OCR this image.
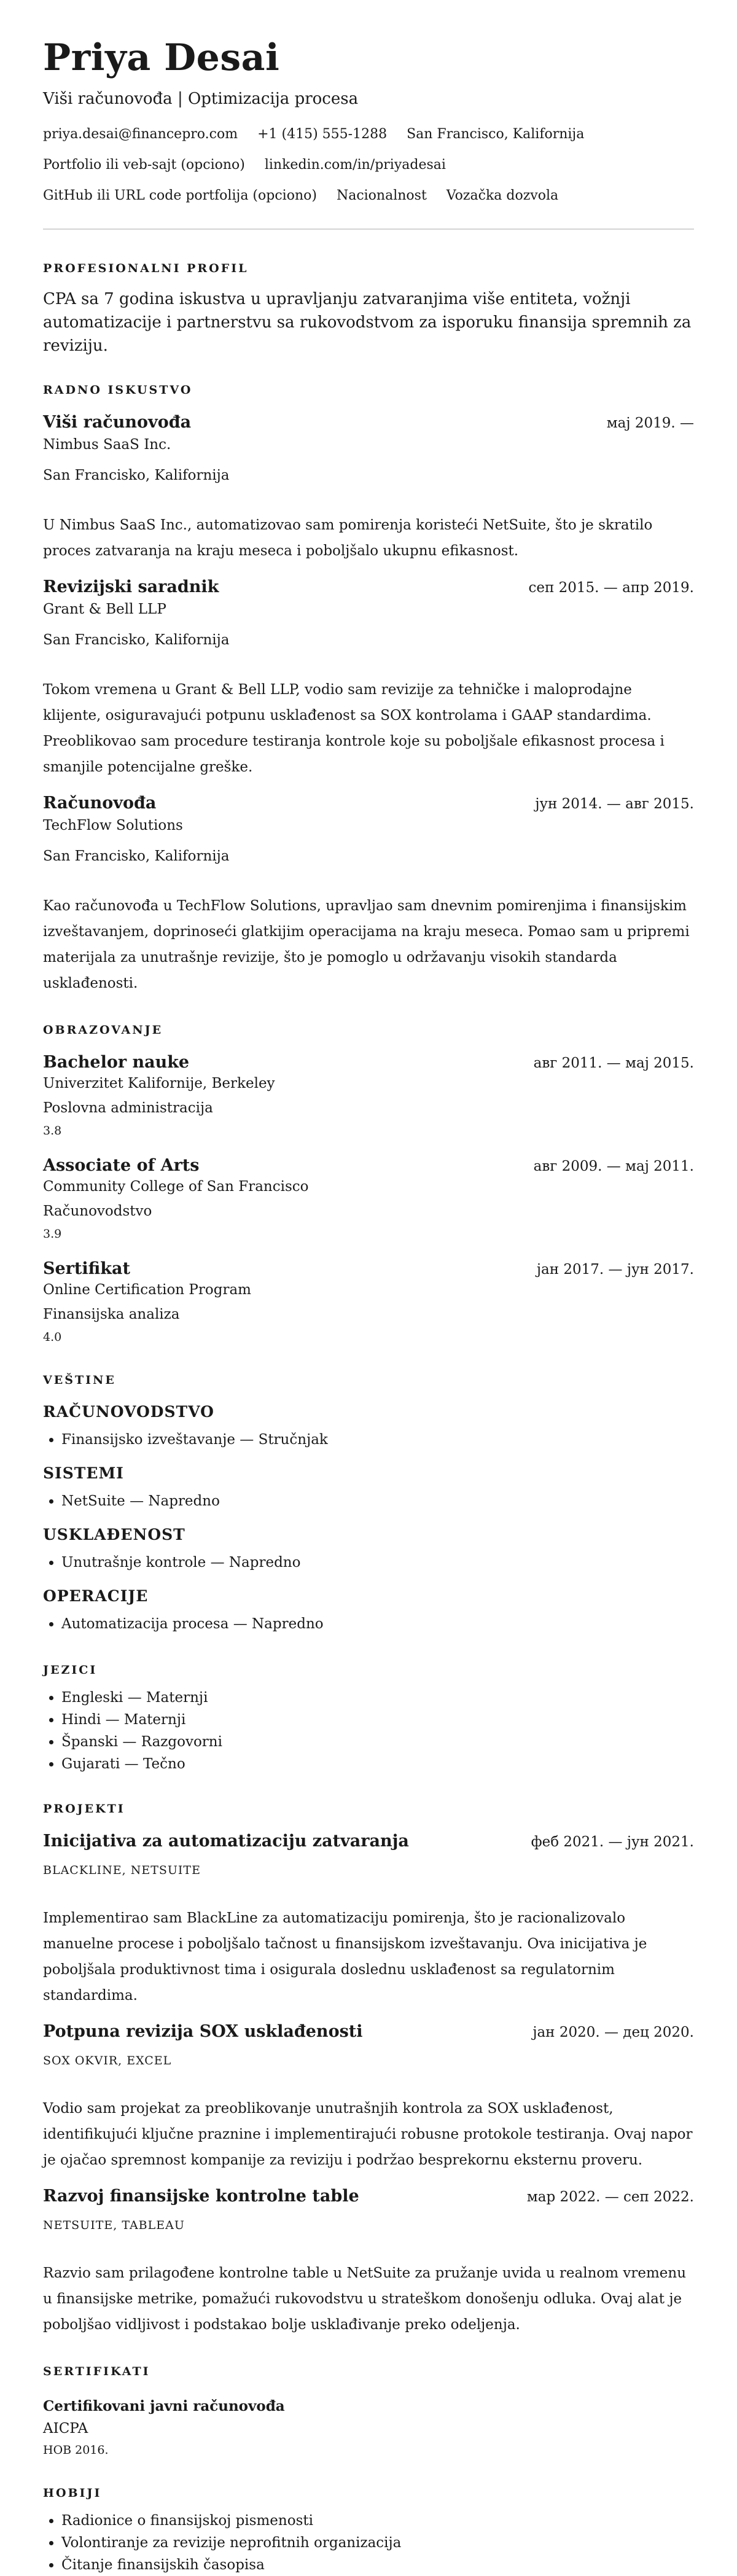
Priya Desai
Viši računovođa | Optimizacija procesa
priya.desai@financepro.com +1 (415) 555-1288 San Francisco, Kalifornija
Portfolio ili veb-sajt (opciono) linkedin.com/in/priyadesai
GitHub ili URL code portfolija (opciono) Nacionalnost Vozačka dozvola
PROFESIONALNI PROFIL
CPA sa 7 godina iskustva u upravljanju zatvaranjima više entiteta, vožnji automatizacije i partnerstvu sa rukovodstvom za isporuku finansija spremnih za reviziju.
RADNO ISKUSTVO
Viši računovođa	мај 2019. —
Nimbus SaaS Inc.
San Francisko, Kalifornija
U Nimbus SaaS Inc., automatizovao sam pomirenja koristeći NetSuite, što je skratilo proces zatvaranja na kraju meseca i poboljšalo ukupnu efikasnost.
Revizijski saradnik	сеп 2015. — апр 2019.
Grant & Bell LLP
San Francisko, Kalifornija
Tokom vremena u Grant & Bell LLP, vodio sam revizije za tehničke i maloprodajne klijente, osiguravajući potpunu usklađenost sa SOX kontrolama i GAAP standardima. Preoblikovao sam procedure testiranja kontrole koje su poboljšale efikasnost procesa i smanjile potencijalne greške.
Računovođa	јун 2014. — авг 2015.
TechFlow Solutions
San Francisko, Kalifornija
Kao računovođa u TechFlow Solutions, upravljao sam dnevnim pomirenjima i finansijskim izveštavanjem, doprinoseći glatkijim operacijama na kraju meseca. Pomao sam u pripremi materijala za unutrašnje revizije, što je pomoglo u održavanju visokih standarda usklađenosti.
OBRAZOVANJE
Bachelor nauke	авг 2011. — мај 2015.
Univerzitet Kalifornije, Berkeley
Poslovna administracija
3.8
Associate of Arts	авг 2009. — мај 2011.
Community College of San Francisco
Računovodstvo
3.9
Sertifikat	јан 2017. — јун 2017.
Online Certification Program
Finansijska analiza
4.0
VEŠTINE
RAČUNOVODSTVO
• Finansijsko izveštavanje — Stručnjak
SISTEMI
• NetSuite — Napredno
USKLAĐENOST
• Unutrašnje kontrole — Napredno
OPERACIJE
• Automatizacija procesa — Napredno
JEZICI
• Engleski — Maternji
• Hindi — Maternji
• Španski — Razgovorni
• Gujarati — Tečno
PROJEKTI
Inicijativa za automatizaciju zatvaranja	феб 2021. — јун 2021.
BLACKLINE, NETSUITE
Implementirao sam BlackLine za automatizaciju pomirenja, što je racionalizovalo manuelne procese i poboljšalo tačnost u finansijskom izveštavanju. Ova inicijativa je poboljšala produktivnost tima i osigurala doslednu usklađenost sa regulatornim standardima.
Potpuna revizija SOX usklađenosti	јан 2020. — дец 2020.
SOX OKVIR, EXCEL
Vodio sam projekat za preoblikovanje unutrašnjih kontrola za SOX usklađenost, identifikujući ključne praznine i implementirajući robusne protokole testiranja. Ovaj napor je ojačao spremnost kompanije za reviziju i podržao besprekornu eksternu proveru.
Razvoj finansijske kontrolne table	мар 2022. — сеп 2022.
NETSUITE, TABLEAU
Razvio sam prilagođene kontrolne table u NetSuite za pružanje uvida u realnom vremenu u finansijske metrike, pomažući rukovodstvu u strateškom donošenju odluka. Ovaj alat je poboljšao vidljivost i podstakao bolje usklađivanje preko odeljenja.
SERTIFIKATI
Certifikovani javni računovođa
AICPA
НОВ 2016.
HOBIJI
• Radionice o finansijskoj pismenosti
• Volontiranje za revizije neprofitnih organizacija
• Čitanje finansijskih časopisa
